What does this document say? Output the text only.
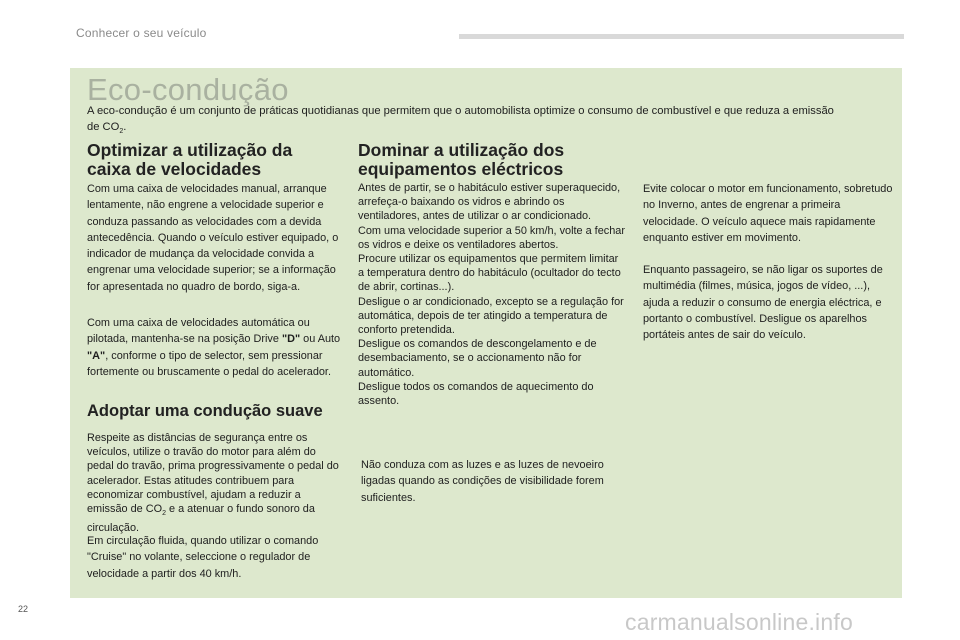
Conhecer o seu veículo
Eco-condução
A eco-condução é um conjunto de práticas quotidianas que permitem que o automobilista optimize o consumo de combustível e que reduza a emissão de $CO_2$.
Optimizar a utilização da caixa de velocidades
Com uma caixa de velocidades manual, arranque lentamente, não engrene a velocidade superior e conduza passando as velocidades com a devida antecedência. Quando o veículo estiver equipado, o indicador de mudança da velocidade convida a engrenar uma velocidade superior; se a informação for apresentada no quadro de bordo, siga-a.
Com uma caixa de velocidades automática ou pilotada, mantenha-se na posição Drive "D" ou Auto "A", conforme o tipo de selector, sem pressionar fortemente ou bruscamente o pedal do acelerador.
Adoptar uma condução suave
Respeite as distâncias de segurança entre os veículos, utilize o travão do motor para além do pedal do travão, prima progressivamente o pedal do acelerador. Estas atitudes contribuem para economizar combustível, ajudam a reduzir a emissão de $CO_2$ e a atenuar o fundo sonoro da circulação.
Em circulação fluida, quando utilizar o comando "Cruise" no volante, seleccione o regulador de velocidade a partir dos 40 km/h.
Dominar a utilização dos equipamentos eléctricos
Antes de partir, se o habitáculo estiver superaquecido, arrefeça-o baixando os vidros e abrindo os ventiladores, antes de utilizar o ar condicionado.
Com uma velocidade superior a 50 km/h, volte a fechar os vidros e deixe os ventiladores abertos.
Procure utilizar os equipamentos que permitem limitar a temperatura dentro do habitáculo (ocultador do tecto de abrir, cortinas...).
Desligue o ar condicionado, excepto se a regulação for automática, depois de ter atingido a temperatura de conforto pretendida.
Desligue os comandos de descongelamento e de desembaciamento, se o accionamento não for automático.
Desligue todos os comandos de aquecimento do assento.
Não conduza com as luzes e as luzes de nevoeiro ligadas quando as condições de visibilidade forem suficientes.
Evite colocar o motor em funcionamento, sobretudo no Inverno, antes de engrenar a primeira velocidade. O veículo aquece mais rapidamente enquanto estiver em movimento.
Enquanto passageiro, se não ligar os suportes de multimédia (filmes, música, jogos de vídeo, ...), ajuda a reduzir o consumo de energia eléctrica, e portanto o combustível. Desligue os aparelhos portáteis antes de sair do veículo.
22	carmanualsonline.info
